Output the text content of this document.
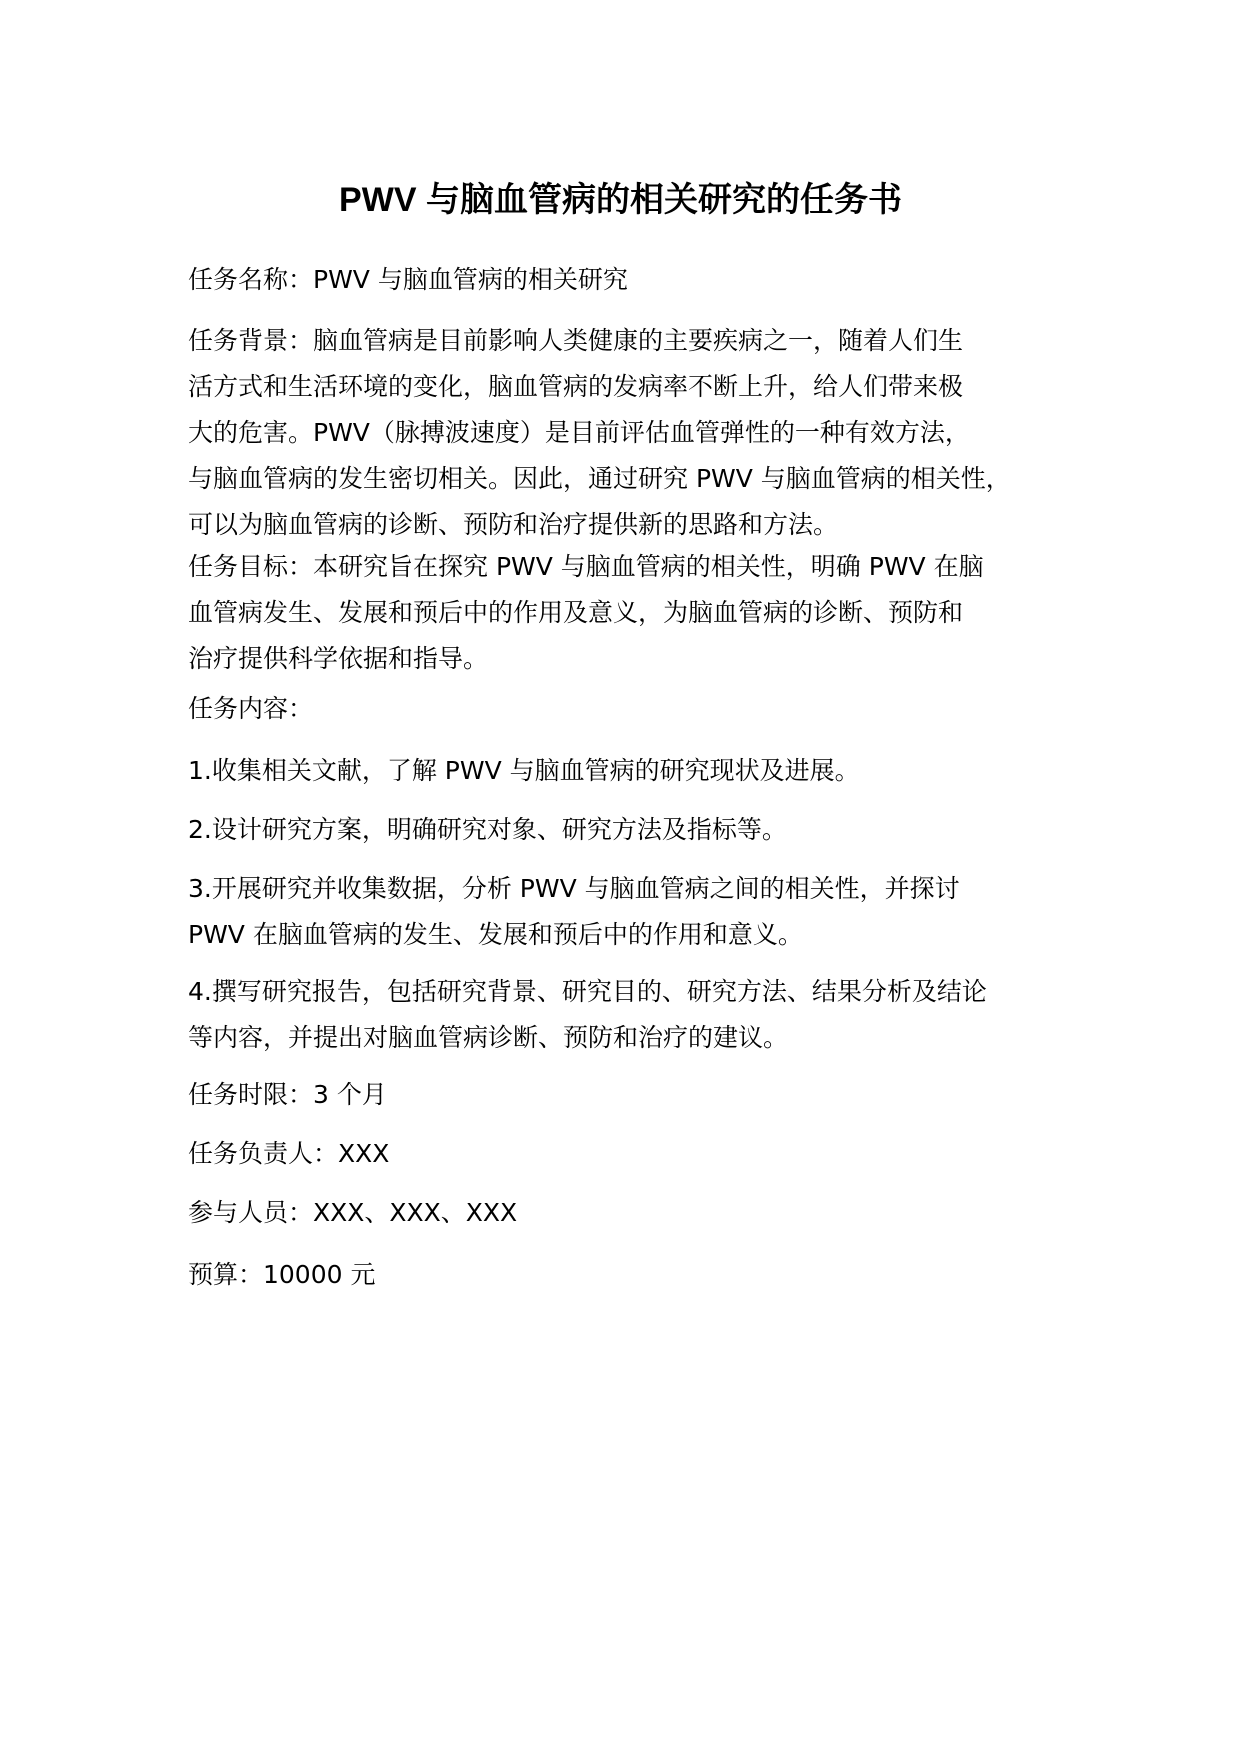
PWV 与脑血管病的相关研究的任务书

任务名称：PWV 与脑血管病的相关研究

任务背景：脑血管病是目前影响人类健康的主要疾病之一，随着人们生
活方式和生活环境的变化，脑血管病的发病率不断上升，给人们带来极
大的危害。PWV（脉搏波速度）是目前评估血管弹性的一种有效方法，
与脑血管病的发生密切相关。因此，通过研究 PWV 与脑血管病的相关性，
可以为脑血管病的诊断、预防和治疗提供新的思路和方法。

任务目标：本研究旨在探究 PWV 与脑血管病的相关性，明确 PWV 在脑
血管病发生、发展和预后中的作用及意义，为脑血管病的诊断、预防和
治疗提供科学依据和指导。

任务内容：

1.收集相关文献，了解 PWV 与脑血管病的研究现状及进展。

2.设计研究方案，明确研究对象、研究方法及指标等。

3.开展研究并收集数据，分析 PWV 与脑血管病之间的相关性，并探讨
PWV 在脑血管病的发生、发展和预后中的作用和意义。

4.撰写研究报告，包括研究背景、研究目的、研究方法、结果分析及结论
等内容，并提出对脑血管病诊断、预防和治疗的建议。

任务时限：3 个月

任务负责人：XXX

参与人员：XXX、XXX、XXX

预算：10000 元
